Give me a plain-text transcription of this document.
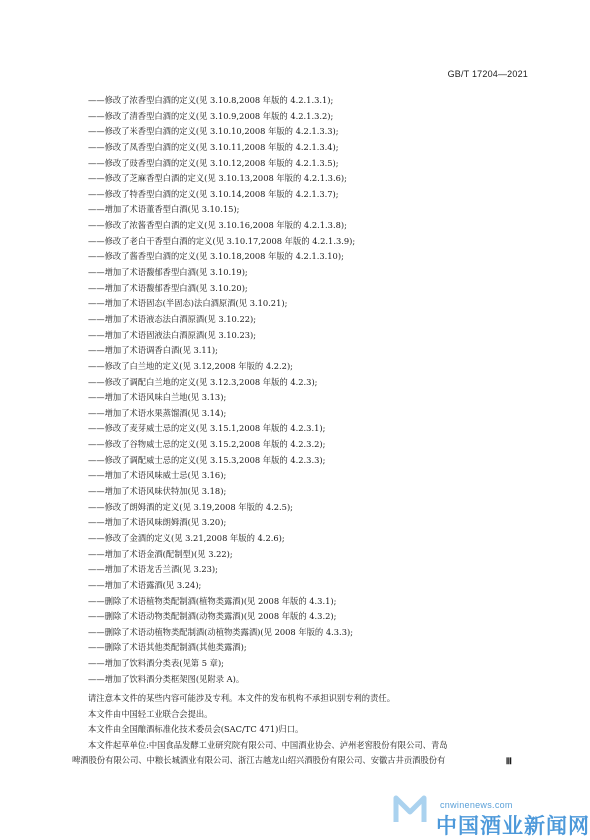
GB/T 17204—2021
——修改了浓香型白酒的定义(见 3.10.8,2008 年版的 4.2.1.3.1);
——修改了清香型白酒的定义(见 3.10.9,2008 年版的 4.2.1.3.2);
——修改了米香型白酒的定义(见 3.10.10,2008 年版的 4.2.1.3.3);
——修改了凤香型白酒的定义(见 3.10.11,2008 年版的 4.2.1.3.4);
——修改了豉香型白酒的定义(见 3.10.12,2008 年版的 4.2.1.3.5);
——修改了芝麻香型白酒的定义(见 3.10.13,2008 年版的 4.2.1.3.6);
——修改了特香型白酒的定义(见 3.10.14,2008 年版的 4.2.1.3.7);
——增加了术语董香型白酒(见 3.10.15);
——修改了浓酱香型白酒的定义(见 3.10.16,2008 年版的 4.2.1.3.8);
——修改了老白干香型白酒的定义(见 3.10.17,2008 年版的 4.2.1.3.9);
——修改了酱香型白酒的定义(见 3.10.18,2008 年版的 4.2.1.3.10);
——增加了术语馥郁香型白酒(见 3.10.19);
——增加了术语馥郁香型白酒(见 3.10.20);
——增加了术语固态(半固态)法白酒原酒(见 3.10.21);
——增加了术语液态法白酒原酒(见 3.10.22);
——增加了术语固液法白酒原酒(见 3.10.23);
——增加了术语调香白酒(见 3.11);
——修改了白兰地的定义(见 3.12,2008 年版的 4.2.2);
——修改了调配白兰地的定义(见 3.12.3,2008 年版的 4.2.3);
——增加了术语风味白兰地(见 3.13);
——增加了术语水果蒸馏酒(见 3.14);
——修改了麦芽威士忌的定义(见 3.15.1,2008 年版的 4.2.3.1);
——修改了谷物威士忌的定义(见 3.15.2,2008 年版的 4.2.3.2);
——修改了调配威士忌的定义(见 3.15.3,2008 年版的 4.2.3.3);
——增加了术语风味威士忌(见 3.16);
——增加了术语风味伏特加(见 3.18);
——修改了朗姆酒的定义(见 3.19,2008 年版的 4.2.5);
——增加了术语风味朗姆酒(见 3.20);
——修改了金酒的定义(见 3.21,2008 年版的 4.2.6);
——增加了术语金酒(配制型)(见 3.22);
——增加了术语龙舌兰酒(见 3.23);
——增加了术语露酒(见 3.24);
——删除了术语植物类配制酒(植物类露酒)(见 2008 年版的 4.3.1);
——删除了术语动物类配制酒(动物类露酒)(见 2008 年版的 4.3.2);
——删除了术语动植物类配制酒(动植物类露酒)(见 2008 年版的 4.3.3);
——删除了术语其他类配制酒(其他类露酒);
——增加了饮料酒分类表(见第 5 章);
——增加了饮料酒分类框架图(见附录 A)。

请注意本文件的某些内容可能涉及专利。本文件的发布机构不承担识别专利的责任。

本文件由中国轻工业联合会提出。

本文件由全国酿酒标准化技术委员会(SAC/TC 471)归口。

本文件起草单位:中国食品发酵工业研究院有限公司、中国酒业协会、泸州老窖股份有限公司、青岛

啤酒股份有限公司、中粮长城酒业有限公司、浙江古越龙山绍兴酒股份有限公司、安徽古井贡酒股份有	Ⅲ
cnwinenews.com
中国酒业新闻网
